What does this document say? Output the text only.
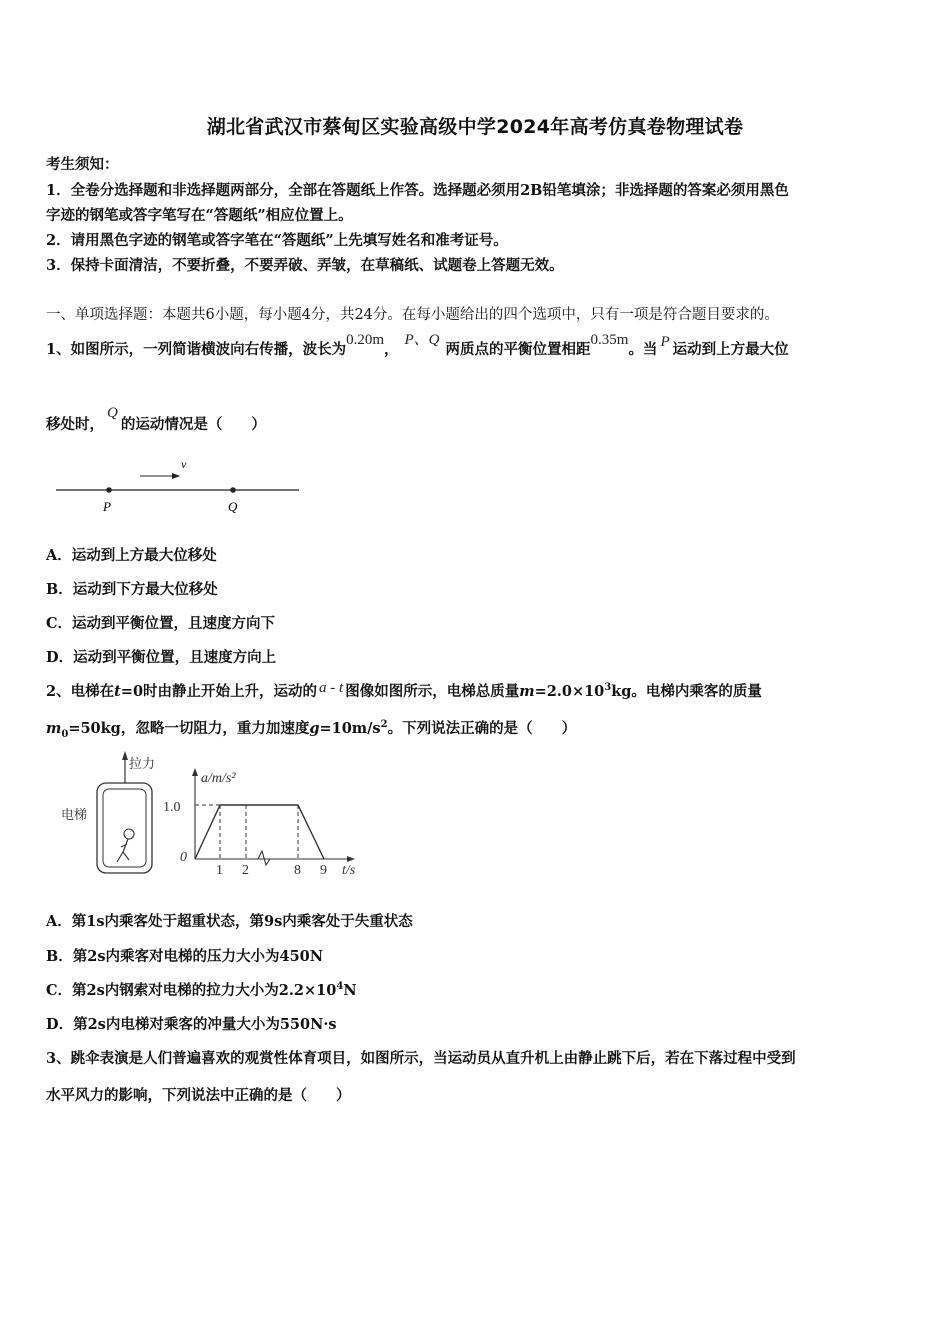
湖北省武汉市蔡甸区实验高级中学2024年高考仿真卷物理试卷
考生须知：
1．全卷分选择题和非选择题两部分，全部在答题纸上作答。选择题必须用2B铅笔填涂；非选择题的答案必须用黑色
字迹的钢笔或答字笔写在“答题纸”相应位置上。
2．请用黑色字迹的钢笔或答字笔在“答题纸”上先填写姓名和准考证号。
3．保持卡面清洁，不要折叠，不要弄破、弄皱，在草稿纸、试题卷上答题无效。
一、单项选择题：本题共6小题，每小题4分，共24分。在每小题给出的四个选项中，只有一项是符合题目要求的。
1、如图所示，一列简谐横波向右传播，波长为0.20m，P、Q两质点的平衡位置相距0.35m。当 P 运动到上方最大位
移处时，Q的运动情况是（　　）
v
P	Q
A．运动到上方最大位移处
B．运动到下方最大位移处
C．运动到平衡位置，且速度方向下
D．运动到平衡位置，且速度方向上
2、电梯在t=0时由静止开始上升，运动的 a - t 图像如图所示，电梯总质量$m=2.0\times 10^3kg$。电梯内乘客的质量
$m_0=50kg$，忽略一切阻力，重力加速度$g=10m/s^2$。下列说法正确的是（　　）
拉力
电梯
a/m/s²
1.0
0
1 2	8 9 t/s
A．第1s内乘客处于超重状态，第9s内乘客处于失重状态
B．第2s内乘客对电梯的压力大小为450N
C．第2s内钢索对电梯的拉力大小为$2.2\times 10^4N$
D．第2s内电梯对乘客的冲量大小为550N·s
3、跳伞表演是人们普遍喜欢的观赏性体育项目，如图所示，当运动员从直升机上由静止跳下后，若在下落过程中受到
水平风力的影响，下列说法中正确的是（　　）
